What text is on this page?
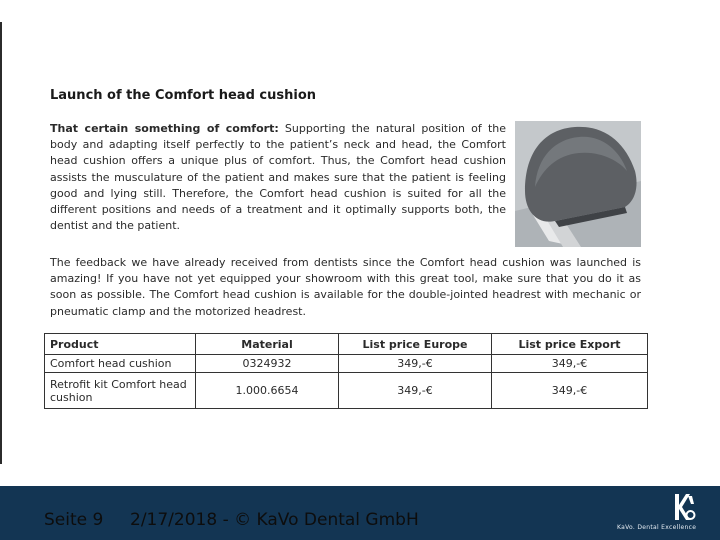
Launch of the Comfort head cushion
That certain something of comfort: Supporting the natural position of the body and adapting itself perfectly to the patient’s neck and head, the Comfort head cushion offers a unique plus of comfort. Thus, the Comfort head cushion assists the musculature of the patient and makes sure that the patient is feeling good and lying still. Therefore, the Comfort head cushion is suited for all the different positions and needs of a treatment and it optimally supports both, the dentist and the patient.
The feedback we have already received from dentists since the Comfort head cushion was launched is amazing! If you have not yet equipped your showroom with this great tool, make sure that you do it as soon as possible. The Comfort head cushion is available for the double-jointed headrest with mechanic or pneumatic clamp and the motorized headrest.
Product	Material	List price Europe	List price Export
Comfort head cushion	0324932	349,-€	349,-€
Retrofit kit Comfort head cushion	1.000.6654	349,-€	349,-€
Seite 9 2/17/2018 - © KaVo Dental GmbH	KaVo. Dental Excellence
